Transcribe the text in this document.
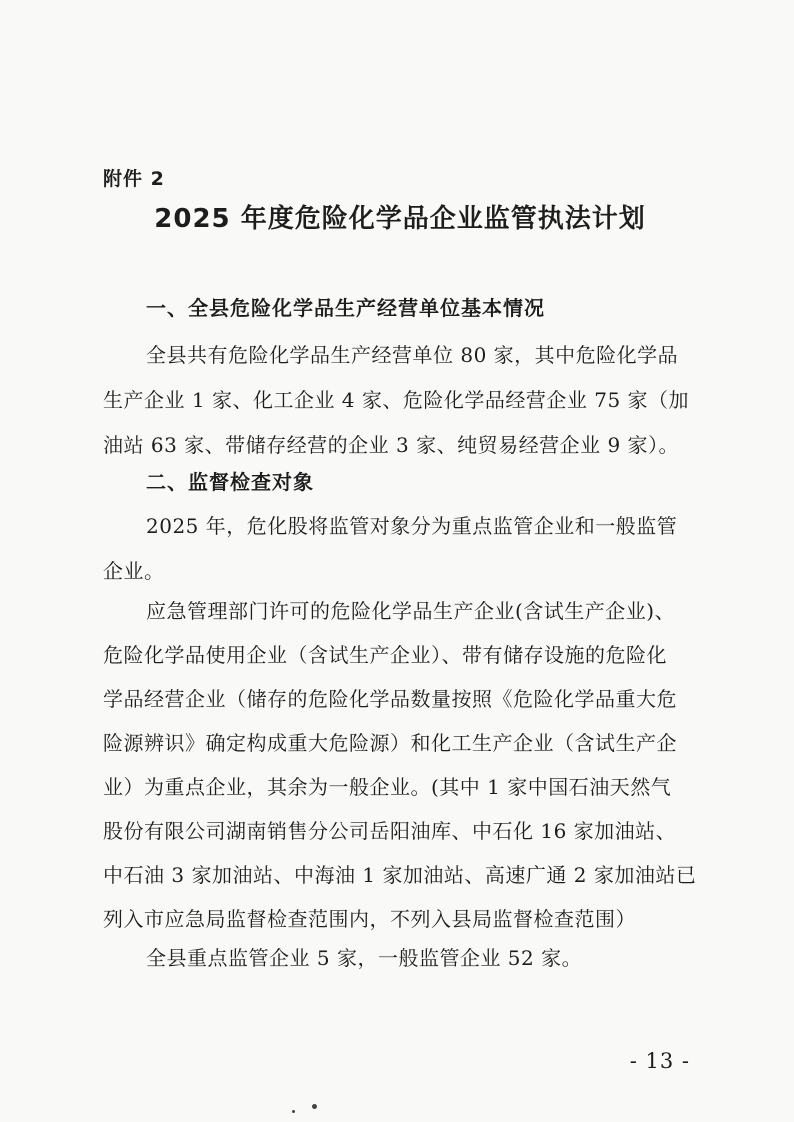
附件 2
2025 年度危险化学品企业监管执法计划
一、全县危险化学品生产经营单位基本情况
全县共有危险化学品生产经营单位 80 家，其中危险化学品
生产企业 1 家、化工企业 4 家、危险化学品经营企业 75 家（加
油站 63 家、带储存经营的企业 3 家、纯贸易经营企业 9 家）。
二、监督检查对象
2025 年，危化股将监管对象分为重点监管企业和一般监管
企业。
应急管理部门许可的危险化学品生产企业(含试生产企业)、
危险化学品使用企业（含试生产企业）、带有储存设施的危险化
学品经营企业（储存的危险化学品数量按照《危险化学品重大危
险源辨识》确定构成重大危险源）和化工生产企业（含试生产企
业）为重点企业，其余为一般企业。(其中 1 家中国石油天然气
股份有限公司湖南销售分公司岳阳油库、中石化 16 家加油站、
中石油 3 家加油站、中海油 1 家加油站、高速广通 2 家加油站已
列入市应急局监督检查范围内，不列入县局监督检查范围）
全县重点监管企业 5 家，一般监管企业 52 家。
- 13 -
